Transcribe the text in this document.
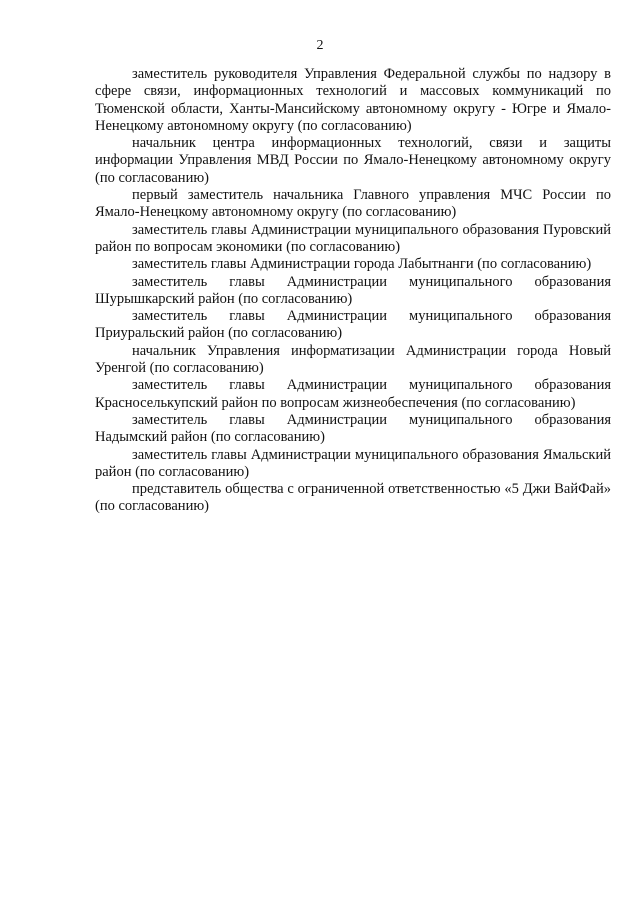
2

заместитель руководителя Управления Федеральной службы по надзору в сфере связи, информационных технологий и массовых коммуникаций по Тюменской области, Ханты-Мансийскому автономному округу - Югре и Ямало-Ненецкому автономному округу (по согласованию)

начальник центра информационных технологий, связи и защиты информации Управления МВД России по Ямало-Ненецкому автономному округу (по согласованию)

первый заместитель начальника Главного управления МЧС России по Ямало-Ненецкому автономному округу (по согласованию)

заместитель главы Администрации муниципального образования Пуровский район по вопросам экономики (по согласованию)

заместитель главы Администрации города Лабытнанги (по согласованию)

заместитель главы Администрации муниципального образования Шурышкарский район (по согласованию)

заместитель главы Администрации муниципального образования Приуральский район (по согласованию)

начальник Управления информатизации Администрации города Новый Уренгой (по согласованию)

заместитель главы Администрации муниципального образования Красноселькупский район по вопросам жизнеобеспечения (по согласованию)

заместитель главы Администрации муниципального образования Надымский район (по согласованию)

заместитель главы Администрации муниципального образования Ямальский район (по согласованию)

представитель общества с ограниченной ответственностью «5 Джи ВайФай» (по согласованию)
